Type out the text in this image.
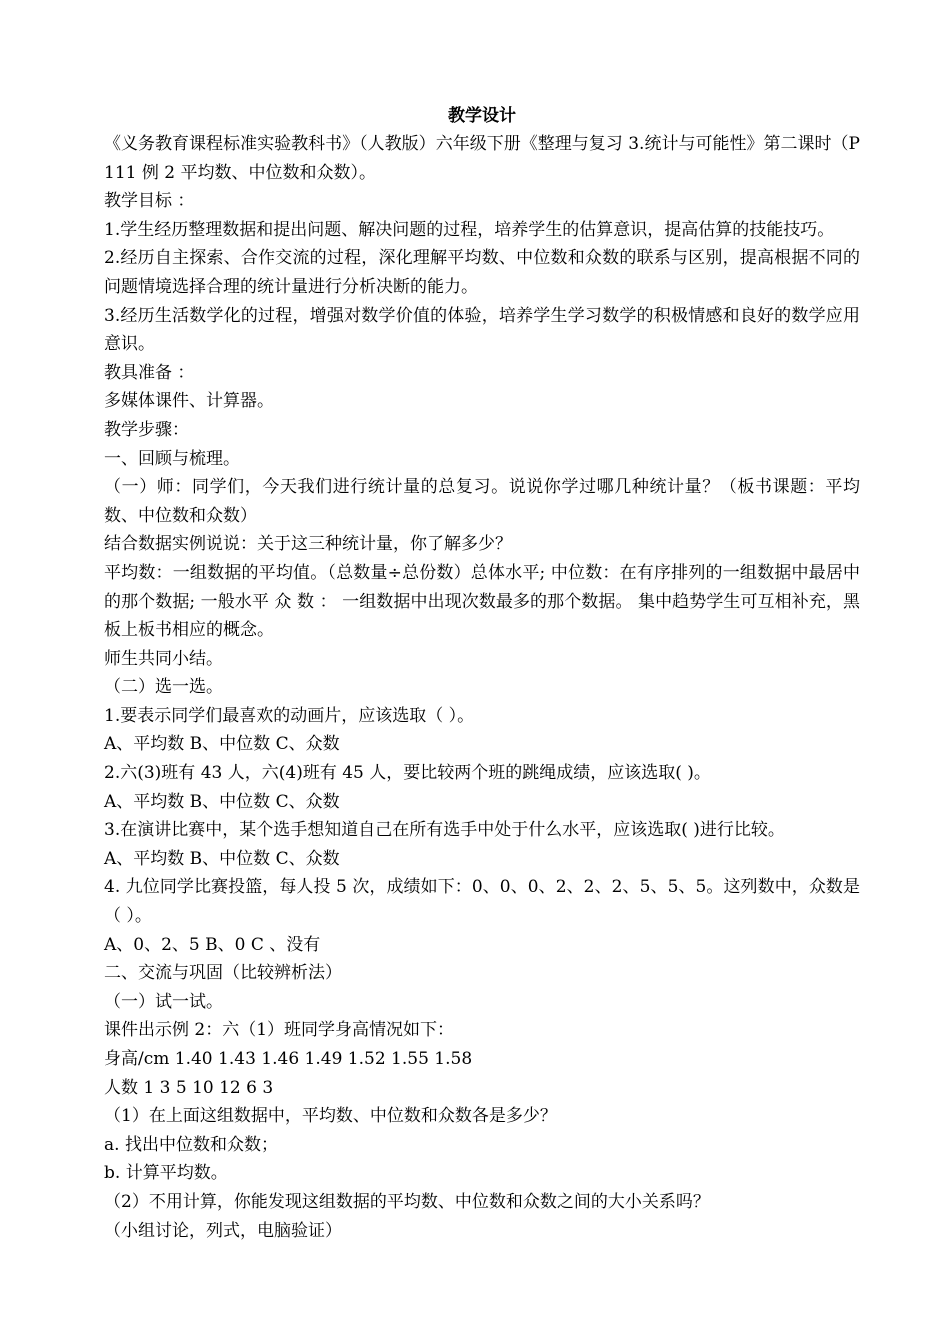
教学设计

《义务教育课程标准实验教科书》（人教版）六年级下册《整理与复习 3.统计与可能性》第二课时（P111 例 2 平均数、中位数和众数）。

教学目标 ：

1.学生经历整理数据和提出问题、解决问题的过程，培养学生的估算意识，提高估算的技能技巧。

2.经历自主探索、合作交流的过程，深化理解平均数、中位数和众数的联系与区别，提高根据不同的问题情境选择合理的统计量进行分析决断的能力。

3.经历生活数学化的过程，增强对数学价值的体验，培养学生学习数学的积极情感和良好的数学应用意识。

教具准备 ：

多媒体课件、计算器。

教学步骤：

一、回顾与梳理。

（一）师：同学们，今天我们进行统计量的总复习。说说你学过哪几种统计量？（板书课题：平均数、中位数和众数）

结合数据实例说说：关于这三种统计量，你了解多少？

平均数：一组数据的平均值。（总数量÷总份数）总体水平; 中位数：在有序排列的一组数据中最居中的那个数据; 一般水平 众 数 ： 一组数据中出现次数最多的那个数据。 集中趋势学生可互相补充，黑板上板书相应的概念。

师生共同小结。

（二）选一选。

1.要表示同学们最喜欢的动画片，应该选取（ ）。

A、平均数 B、中位数 C、众数

2.六(3)班有 43 人，六(4)班有 45 人，要比较两个班的跳绳成绩，应该选取( )。

A、平均数 B、中位数 C、众数

3.在演讲比赛中，某个选手想知道自己在所有选手中处于什么水平，应该选取( )进行比较。

A、平均数 B、中位数 C、众数

4. 九位同学比赛投篮，每人投 5 次，成绩如下：0、0、0、2、2、2、5、5、5。这列数中，众数是（ ）。

A、0、2、5 B、0 C 、没有

二、交流与巩固（比较辨析法）

（一）试一试。

课件出示例 2：六（1）班同学身高情况如下：

身高/cm 1.40 1.43 1.46 1.49 1.52 1.55 1.58

人数 1 3 5 10 12 6 3

（1）在上面这组数据中，平均数、中位数和众数各是多少？

a. 找出中位数和众数；

b. 计算平均数。

（2）不用计算，你能发现这组数据的平均数、中位数和众数之间的大小关系吗？

（小组讨论，列式，电脑验证）
